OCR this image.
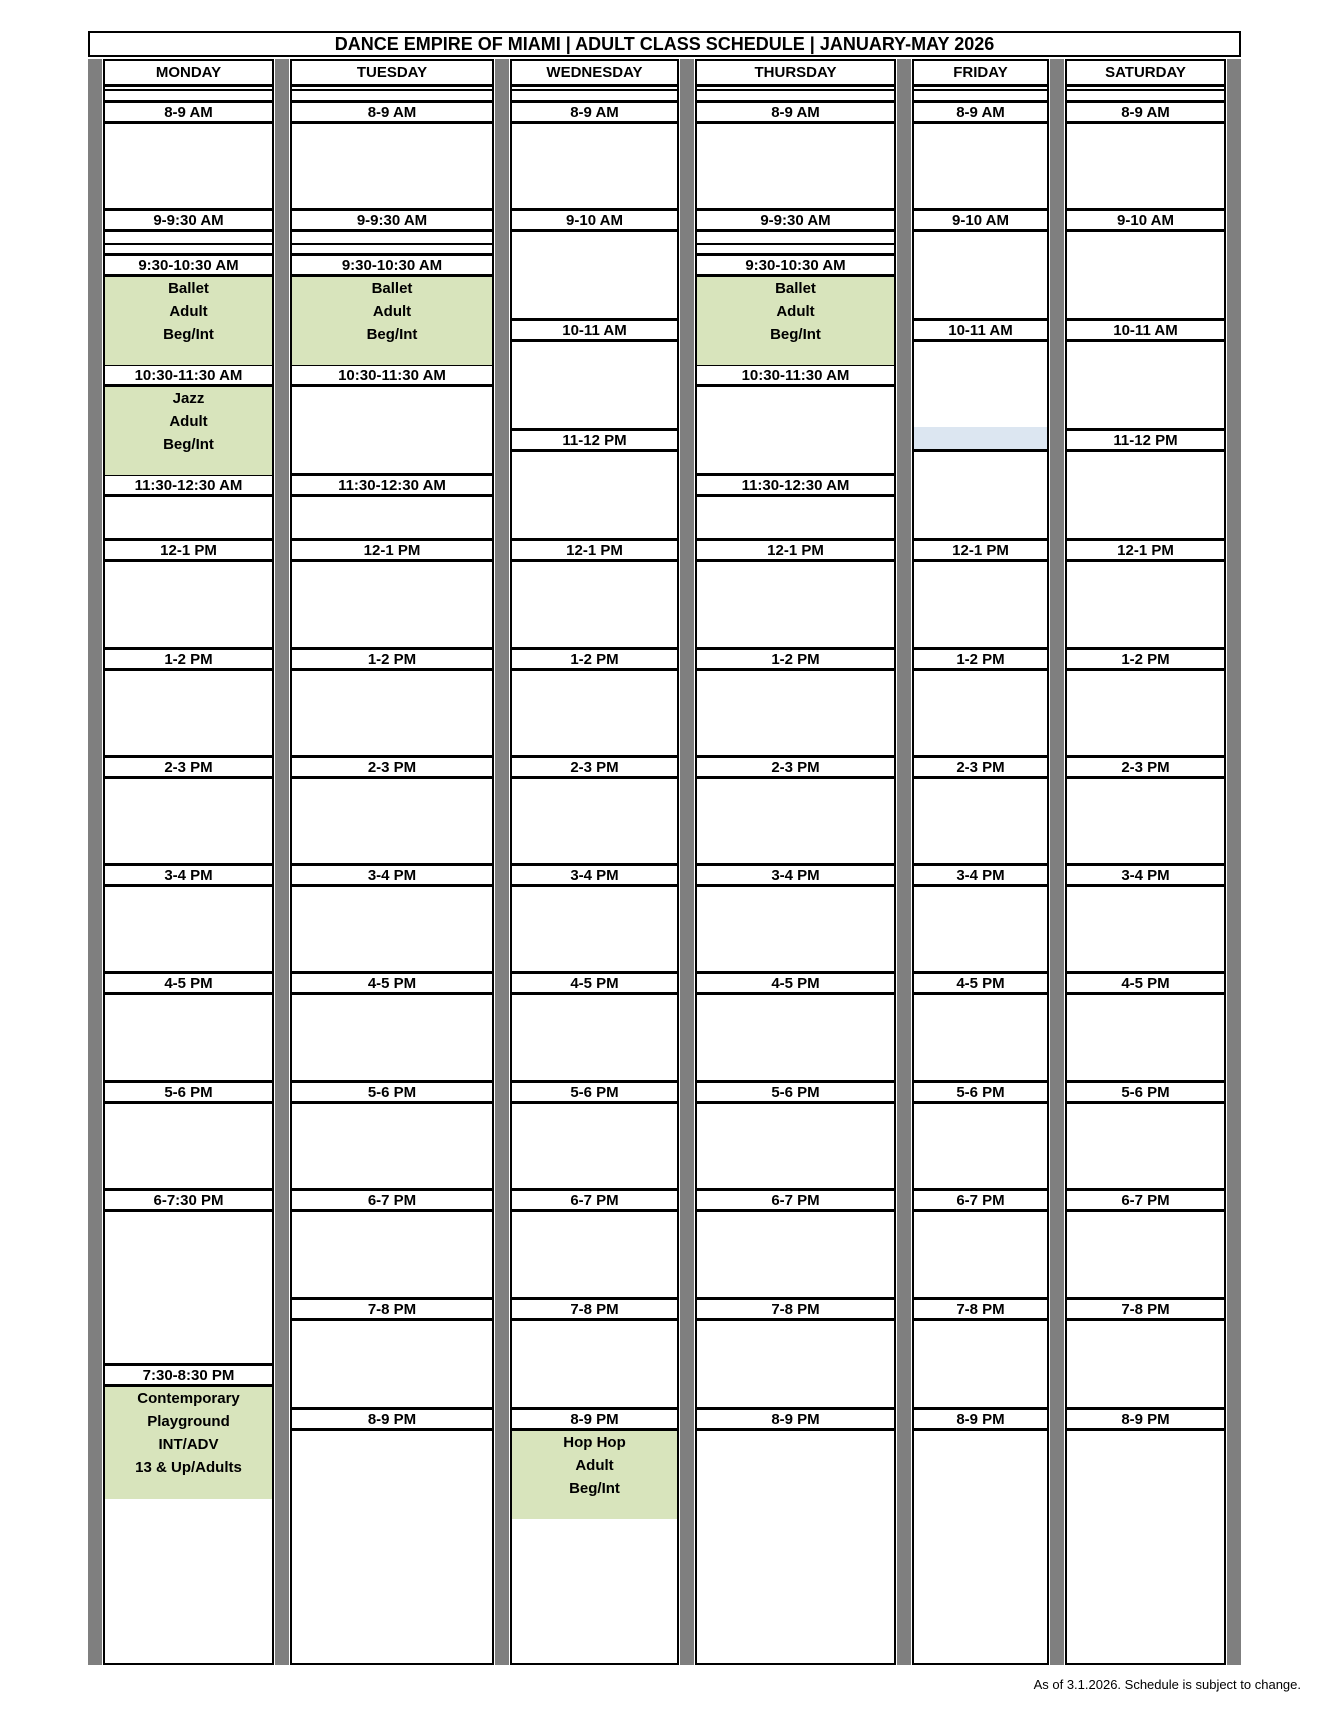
DANCE EMPIRE OF MIAMI | ADULT CLASS SCHEDULE | JANUARY-MAY 2026
MONDAY
8-9 AM
9-9:30 AM
9:30-10:30 AM
10:30-11:30 AM
11:30-12:30 AM
12-1 PM
1-2 PM
2-3 PM
3-4 PM
4-5 PM
5-6 PM
6-7:30 PM
7:30-8:30 PM
Ballet
Adult
Beg/Int
Jazz
Adult
Beg/Int
Contemporary
Playground
INT/ADV
13 & Up/Adults
TUESDAY
8-9 AM
9-9:30 AM
9:30-10:30 AM
10:30-11:30 AM
11:30-12:30 AM
12-1 PM
1-2 PM
2-3 PM
3-4 PM
4-5 PM
5-6 PM
6-7 PM
7-8 PM
8-9 PM
Ballet
Adult
Beg/Int
WEDNESDAY
8-9 AM
9-10 AM
10-11 AM
11-12 PM
12-1 PM
1-2 PM
2-3 PM
3-4 PM
4-5 PM
5-6 PM
6-7 PM
7-8 PM
8-9 PM
Hop Hop
Adult
Beg/Int
THURSDAY
8-9 AM
9-9:30 AM
9:30-10:30 AM
10:30-11:30 AM
11:30-12:30 AM
12-1 PM
1-2 PM
2-3 PM
3-4 PM
4-5 PM
5-6 PM
6-7 PM
7-8 PM
8-9 PM
Ballet
Adult
Beg/Int
FRIDAY
8-9 AM
9-10 AM
10-11 AM
12-1 PM
1-2 PM
2-3 PM
3-4 PM
4-5 PM
5-6 PM
6-7 PM
7-8 PM
8-9 PM
SATURDAY
8-9 AM
9-10 AM
10-11 AM
11-12 PM
12-1 PM
1-2 PM
2-3 PM
3-4 PM
4-5 PM
5-6 PM
6-7 PM
7-8 PM
8-9 PM
As of 3.1.2026. Schedule is subject to change.
